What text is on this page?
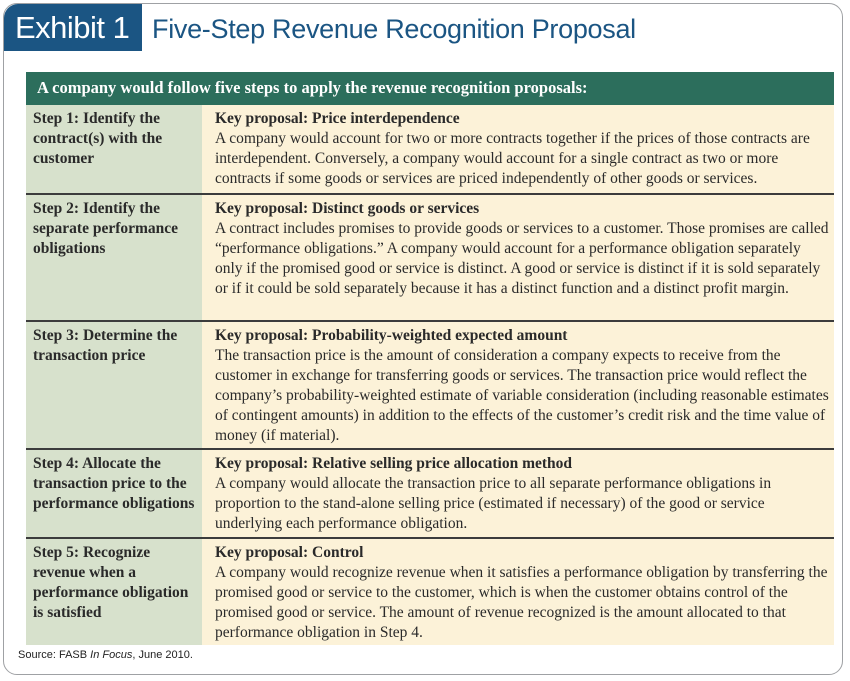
Exhibit 1 Five-Step Revenue Recognition Proposal
A company would follow five steps to apply the revenue recognition proposals:
Step 1: Identify the contract(s) with the customer
Key proposal: Price interdependence
A company would account for two or more contracts together if the prices of those contracts are interdependent. Conversely, a company would account for a single contract as two or more contracts if some goods or services are priced independently of other goods or services.
Step 2: Identify the separate performance obligations
Key proposal: Distinct goods or services
A contract includes promises to provide goods or services to a customer. Those promises are called “performance obligations.” A company would account for a performance obligation separately only if the promised good or service is distinct. A good or service is distinct if it is sold separately or if it could be sold separately because it has a distinct function and a distinct profit margin.
Step 3: Determine the transaction price
Key proposal: Probability-weighted expected amount
The transaction price is the amount of consideration a company expects to receive from the customer in exchange for transferring goods or services. The transaction price would reflect the company’s probability-weighted estimate of variable consideration (including reasonable estimates of contingent amounts) in addition to the effects of the customer’s credit risk and the time value of money (if material).
Step 4: Allocate the transaction price to the performance obligations
Key proposal: Relative selling price allocation method
A company would allocate the transaction price to all separate performance obligations in proportion to the stand-alone selling price (estimated if necessary) of the good or service underlying each performance obligation.
Step 5: Recognize revenue when a performance obligation is satisfied
Key proposal: Control
A company would recognize revenue when it satisfies a performance obligation by transferring the promised good or service to the customer, which is when the customer obtains control of the promised good or service. The amount of revenue recognized is the amount allocated to that performance obligation in Step 4.
Source: FASB In Focus, June 2010.
